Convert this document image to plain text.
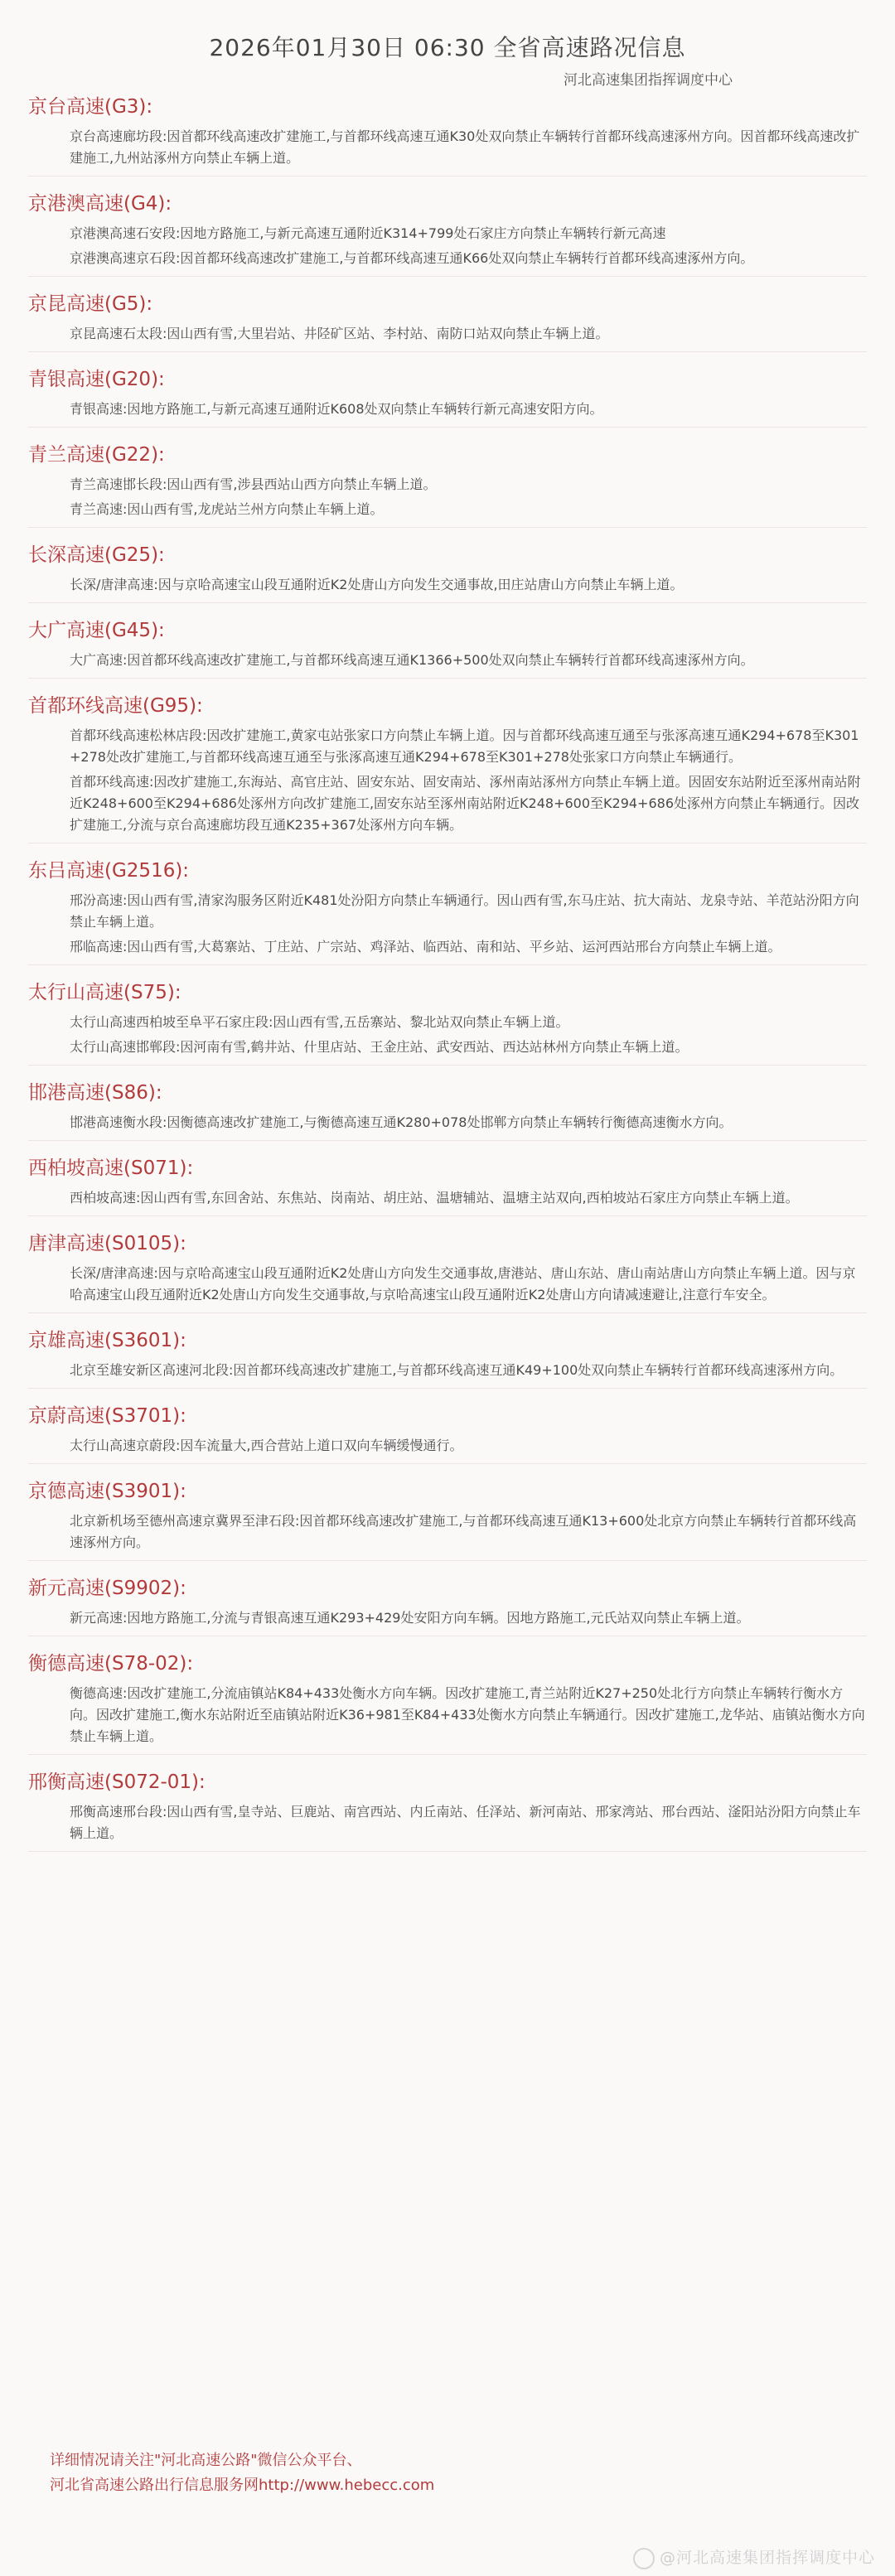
2026年01月30日 06:30 全省高速路况信息
河北高速集团指挥调度中心
京台高速(G3):
京台高速廊坊段:因首都环线高速改扩建施工,与首都环线高速互通K30处双向禁止车辆转行首都环线高速涿州方向。因首都环线高速改扩建施工,九州站涿州方向禁止车辆上道。
京港澳高速(G4):
京港澳高速石安段:因地方路施工,与新元高速互通附近K314+799处石家庄方向禁止车辆转行新元高速
京港澳高速京石段:因首都环线高速改扩建施工,与首都环线高速互通K66处双向禁止车辆转行首都环线高速涿州方向。
京昆高速(G5):
京昆高速石太段:因山西有雪,大里岩站、井陉矿区站、李村站、南防口站双向禁止车辆上道。
青银高速(G20):
青银高速:因地方路施工,与新元高速互通附近K608处双向禁止车辆转行新元高速安阳方向。
青兰高速(G22):
青兰高速邯长段:因山西有雪,涉县西站山西方向禁止车辆上道。
青兰高速:因山西有雪,龙虎站兰州方向禁止车辆上道。
长深高速(G25):
长深/唐津高速:因与京哈高速宝山段互通附近K2处唐山方向发生交通事故,田庄站唐山方向禁止车辆上道。
大广高速(G45):
大广高速:因首都环线高速改扩建施工,与首都环线高速互通K1366+500处双向禁止车辆转行首都环线高速涿州方向。
首都环线高速(G95):
首都环线高速松林店段:因改扩建施工,黄家屯站张家口方向禁止车辆上道。因与首都环线高速互通至与张涿高速互通K294+678至K301+278处改扩建施工,与首都环线高速互通至与张涿高速互通K294+678至K301+278处张家口方向禁止车辆通行。
首都环线高速:因改扩建施工,东海站、高官庄站、固安东站、固安南站、涿州南站涿州方向禁止车辆上道。因固安东站附近至涿州南站附近K248+600至K294+686处涿州方向改扩建施工,固安东站至涿州南站附近K248+600至K294+686处涿州方向禁止车辆通行。因改扩建施工,分流与京台高速廊坊段互通K235+367处涿州方向车辆。
东吕高速(G2516):
邢汾高速:因山西有雪,清家沟服务区附近K481处汾阳方向禁止车辆通行。因山西有雪,东马庄站、抗大南站、龙泉寺站、羊范站汾阳方向禁止车辆上道。
邢临高速:因山西有雪,大葛寨站、丁庄站、广宗站、鸡泽站、临西站、南和站、平乡站、运河西站邢台方向禁止车辆上道。
太行山高速(S75):
太行山高速西柏坡至阜平石家庄段:因山西有雪,五岳寨站、黎北站双向禁止车辆上道。
太行山高速邯郸段:因河南有雪,鹤井站、什里店站、王金庄站、武安西站、西达站林州方向禁止车辆上道。
邯港高速(S86):
邯港高速衡水段:因衡德高速改扩建施工,与衡德高速互通K280+078处邯郸方向禁止车辆转行衡德高速衡水方向。
西柏坡高速(S071):
西柏坡高速:因山西有雪,东回舍站、东焦站、岗南站、胡庄站、温塘辅站、温塘主站双向,西柏坡站石家庄方向禁止车辆上道。
唐津高速(S0105):
长深/唐津高速:因与京哈高速宝山段互通附近K2处唐山方向发生交通事故,唐港站、唐山东站、唐山南站唐山方向禁止车辆上道。因与京哈高速宝山段互通附近K2处唐山方向发生交通事故,与京哈高速宝山段互通附近K2处唐山方向请减速避让,注意行车安全。
京雄高速(S3601):
北京至雄安新区高速河北段:因首都环线高速改扩建施工,与首都环线高速互通K49+100处双向禁止车辆转行首都环线高速涿州方向。
京蔚高速(S3701):
太行山高速京蔚段:因车流量大,西合营站上道口双向车辆缓慢通行。
京德高速(S3901):
北京新机场至德州高速京冀界至津石段:因首都环线高速改扩建施工,与首都环线高速互通K13+600处北京方向禁止车辆转行首都环线高速涿州方向。
新元高速(S9902):
新元高速:因地方路施工,分流与青银高速互通K293+429处安阳方向车辆。因地方路施工,元氏站双向禁止车辆上道。
衡德高速(S78-02):
衡德高速:因改扩建施工,分流庙镇站K84+433处衡水方向车辆。因改扩建施工,青兰站附近K27+250处北行方向禁止车辆转行衡水方向。因改扩建施工,衡水东站附近至庙镇站附近K36+981至K84+433处衡水方向禁止车辆通行。因改扩建施工,龙华站、庙镇站衡水方向禁止车辆上道。
邢衡高速(S072-01):
邢衡高速邢台段:因山西有雪,皇寺站、巨鹿站、南宫西站、内丘南站、任泽站、新河南站、邢家湾站、邢台西站、滏阳站汾阳方向禁止车辆上道。
详细情况请关注"河北高速公路"微信公众平台、
河北省高速公路出行信息服务网http://www.hebecc.com
@河北高速集团指挥调度中心
